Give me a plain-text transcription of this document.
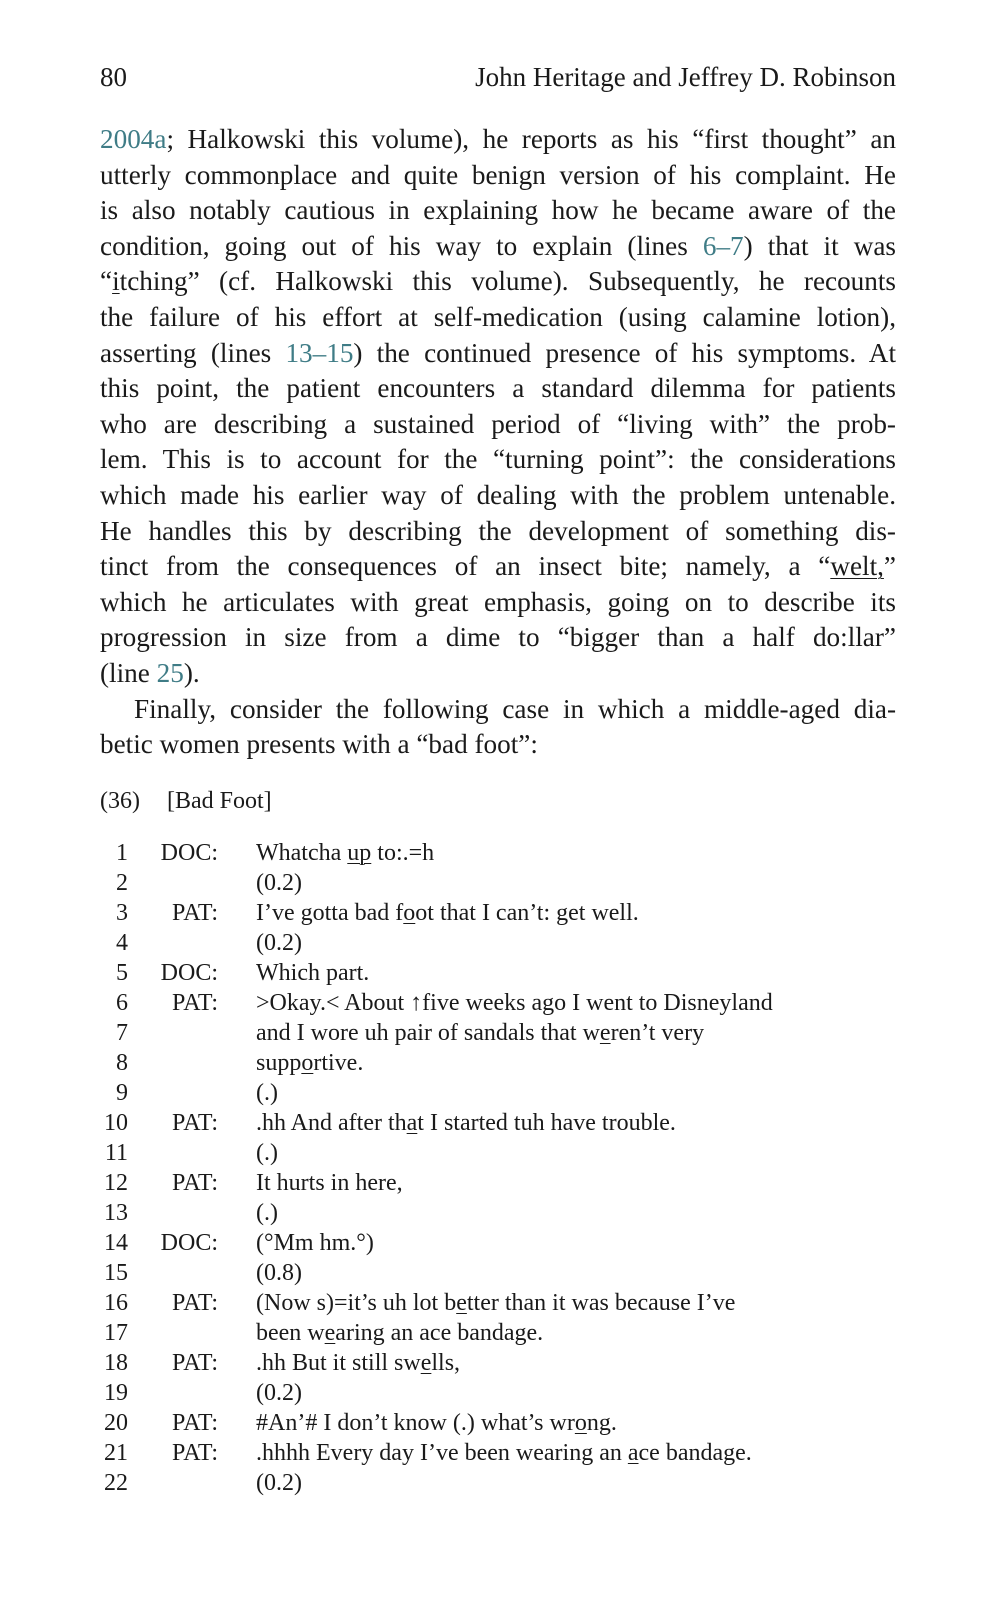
80	John Heritage and Jeffrey D. Robinson
2004a; Halkowski this volume), he reports as his “first thought” an
utterly commonplace and quite benign version of his complaint. He
is also notably cautious in explaining how he became aware of the
condition, going out of his way to explain (lines 6–7) that it was
“itching” (cf. Halkowski this volume). Subsequently, he recounts
the failure of his effort at self-medication (using calamine lotion),
asserting (lines 13–15) the continued presence of his symptoms. At
this point, the patient encounters a standard dilemma for patients
who are describing a sustained period of “living with” the prob-
lem. This is to account for the “turning point”: the considerations
which made his earlier way of dealing with the problem untenable.
He handles this by describing the development of something dis-
tinct from the consequences of an insect bite; namely, a “welt,”
which he articulates with great emphasis, going on to describe its
progression in size from a dime to “bigger than a half do:llar”
(line 25).
Finally, consider the following case in which a middle-aged dia-
betic women presents with a “bad foot”:
(36) [Bad Foot]
1	DOC: Whatcha up to:.=h
2	(0.2)
3	PAT: I’ve gotta bad foot that I can’t: get well.
4	(0.2)
5	DOC: Which part.
6	PAT: >Okay.< About ↑five weeks ago I went to Disneyland
7	and I wore uh pair of sandals that weren’t very
8	supportive.
9	(.)
10	PAT: .hh And after that I started tuh have trouble.
11	(.)
12	PAT: It hurts in here,
13	(.)
14	DOC: (°Mm hm.°)
15	(0.8)
16	PAT: (Now s)=it’s uh lot better than it was because I’ve
17	been wearing an ace bandage.
18	PAT: .hh But it still swells,
19	(0.2)
20	PAT: #An’# I don’t know (.) what’s wrong.
21	PAT: .hhhh Every day I’ve been wearing an ace bandage.
22	(0.2)
